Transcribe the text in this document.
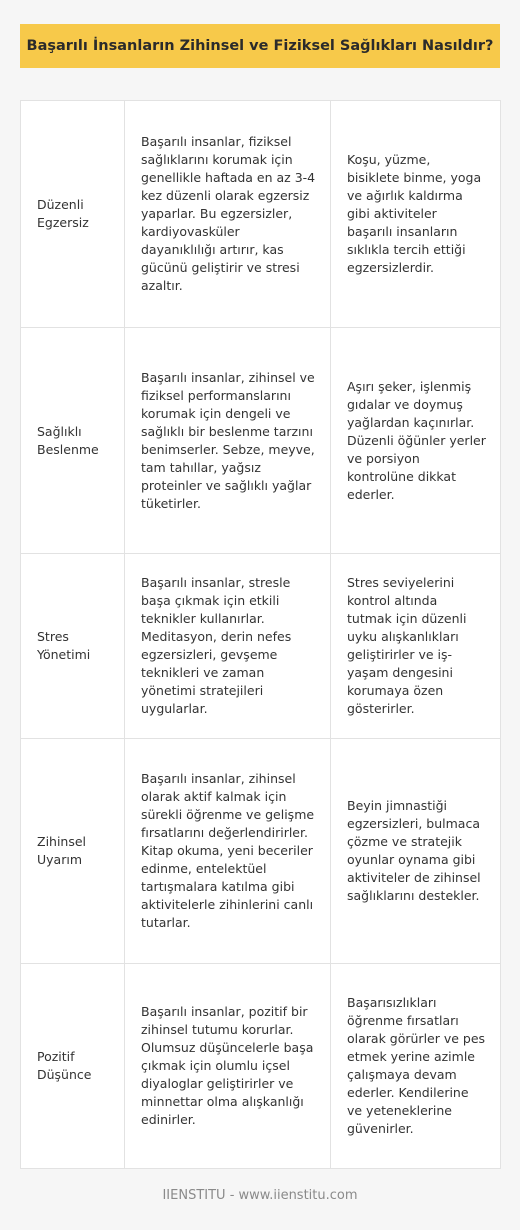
Başarılı İnsanların Zihinsel ve Fiziksel Sağlıkları Nasıldır?
Düzenli Egzersiz	Başarılı insanlar, fiziksel sağlıklarını korumak için genellikle haftada en az 3-4 kez düzenli olarak egzersiz yaparlar. Bu egzersizler, kardiyovasküler dayanıklılığı artırır, kas gücünü geliştirir ve stresi azaltır.	Koşu, yüzme, bisiklete binme, yoga ve ağırlık kaldırma gibi aktiviteler başarılı insanların sıklıkla tercih ettiği egzersizlerdir.
Sağlıklı Beslenme	Başarılı insanlar, zihinsel ve fiziksel performanslarını korumak için dengeli ve sağlıklı bir beslenme tarzını benimserler. Sebze, meyve, tam tahıllar, yağsız proteinler ve sağlıklı yağlar tüketirler.	Aşırı şeker, işlenmiş gıdalar ve doymuş yağlardan kaçınırlar. Düzenli öğünler yerler ve porsiyon kontrolüne dikkat ederler.
Stres Yönetimi	Başarılı insanlar, stresle başa çıkmak için etkili teknikler kullanırlar. Meditasyon, derin nefes egzersizleri, gevşeme teknikleri ve zaman yönetimi stratejileri uygularlar.	Stres seviyelerini kontrol altında tutmak için düzenli uyku alışkanlıkları geliştirirler ve iş-yaşam dengesini korumaya özen gösterirler.
Zihinsel Uyarım	Başarılı insanlar, zihinsel olarak aktif kalmak için sürekli öğrenme ve gelişme fırsatlarını değerlendirirler. Kitap okuma, yeni beceriler edinme, entelektüel tartışmalara katılma gibi aktivitelerle zihinlerini canlı tutarlar.	Beyin jimnastiği egzersizleri, bulmaca çözme ve stratejik oyunlar oynama gibi aktiviteler de zihinsel sağlıklarını destekler.
Pozitif Düşünce	Başarılı insanlar, pozitif bir zihinsel tutumu korurlar. Olumsuz düşüncelerle başa çıkmak için olumlu içsel diyaloglar geliştirirler ve minnettar olma alışkanlığı edinirler.	Başarısızlıkları öğrenme fırsatları olarak görürler ve pes etmek yerine azimle çalışmaya devam ederler. Kendilerine ve yeteneklerine güvenirler.
IIENSTITU - www.iienstitu.com
